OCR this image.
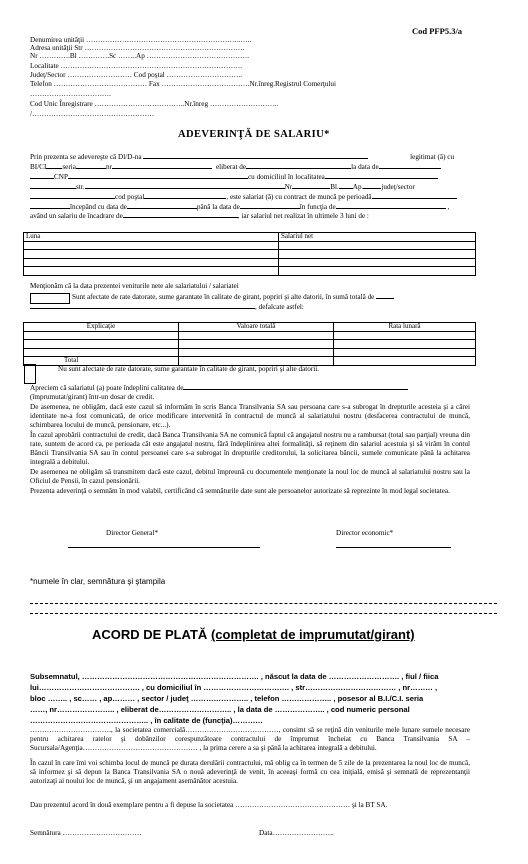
Cod PFP5.3/a
Denumirea unităţii ………………………………………………………..…..
Adresa unităţii Str ………………………………………………………….
Nr ………….Bl ………….Sc ……..Ap …………………………………….
Localitate ………………………………………………………………….
Judeţ/Sector ……………………… Cod poştal …………………………..
Telefon ………………………………… Fax ……………………………….Nr.înreg.Registrul Comerţului
…………………………….
Cod Unic Înregistrare ………………………………..Nr.înreg ………………………..
/……………………………………………
ADEVERINŢĂ DE SALARIU*
Prin prezenta se adevereşte că Dl/D-na	legitimat (ă) cu
BI/CI seria	nr	eliberat de	la data de
CNP	cu domiciliul în localitatea
str.	Nr	Bl. Ap.	judeţ/sector
cod poştal	, este salariat (ă) cu contract de muncă pe perioadă
începând cu data de	până la data de	în funcţia de	,
având un salariu de încadrare de	, iar salariul net realizat în ultimele 3 luni de :
Luna	Salariul net

Menţionăm că la data prezentei veniturile nete ale salariatului / salariatei
Sunt afectate de rate datorate, sume garantate în calitate de girant, popriri şi alte datorii, în sumă totală de
, defalcate astfel:
Explicaţie	Valoare totală	Rata lunară

Total		
Nu sunt afectate de rate datorate, sume garantate în calitate de girant, popriri şi alte datorii.
Apreciem că salariatul (a) poate îndeplini calitatea de
(împrumutat/girant) într-un dosar de credit.
De asemenea, ne obligăm, dacă este cazul să informăm în scris Banca Transilvania SA sau persoana care s-a subrogat în drepturile acesteia şi a cărei identitate ne-a fost comunicată, de orice modificare intervenită în contractul de muncă al salariatului nostru (desfacerea contractului de muncă, schimbarea locului de muncă, pensionare, etc...).
În cazul aprobării contractului de credit, dacă Banca Transilvania SA ne comunică faptul că angajatul nostru nu a rambursat (total sau parţial) vreuna din rate, suntem de acord ca, pe perioada cât este angajatul nostru, fără îndeplinirea altei formalităţi, să reţinem din salariul acestuia şi să virăm în contul Băncii Transilvania SA sau în contul persoanei care s-a subrogat în drepturile creditorului, la solicitarea băncii, sumele comunicate până la achitarea integrală a debitului.
De asemenea ne obligăm să transmitem dacă este cazul, debitul împreună cu documentele menţionate la noul loc de muncă al salariatului nostru sau la Oficiul de Pensii, în cazul pensionării.
Prezenta adeverinţă o semnăm în mod valabil, certificând că semnăturile date sunt ale persoanelor autorizate să reprezinte în mod legal societatea.
Director General*	Director economic*
*numele în clar, semnătura şi ştampila
ACORD DE PLATĂ (completat de imprumutat/girant)
Subsemnatul, ……………………………………………………………. , născut la data de ………………………. , fiul / fiica
lui…………………………………. , cu domiciliul în ……………………………. , str……………………………… , nr……… ,
bloc …….. , sc…… , ap……… , sector / judeţ ………………….. , telefon ……………….. , posesor al B.I./C.I. seria
……, nr………………….. , eliberat de……………………….. , la data de ……………….. , cod numeric personal
……………………………………….. , în calitate de (funcţia)…………
……………………………., la societatea comercială…………………………………, consimt să se reţină din veniturile mele lunare sumele necesare pentru achitarea ratelor şi dobânzilor corespunzătoare contractului de împrumut încheiat cu Banca Transilvania SA – Sucursala/Agenţia………………………………………… , la prima cerere a sa şi până la achitarea integrală a debitului.
În cazul în care îmi voi schimba locul de muncă pe durata derulării contractului, mă oblig ca în termen de 5 zile de la prezentarea la noul loc de muncă, să informez şi să depun la Banca Transilvania SA o nouă adeverinţă de venit, în aceeaşi formă cu cea iniţială, emisă şi semnată de reprezentanţii autorizaţi ai noului loc de muncă, şi un angajament asemănător acestuia.
Dau prezentul acord în două exemplare pentru a fi depuse la societatea ………………………………………… şi la BT SA.
Semnătura ……………………………	Data……………………..
